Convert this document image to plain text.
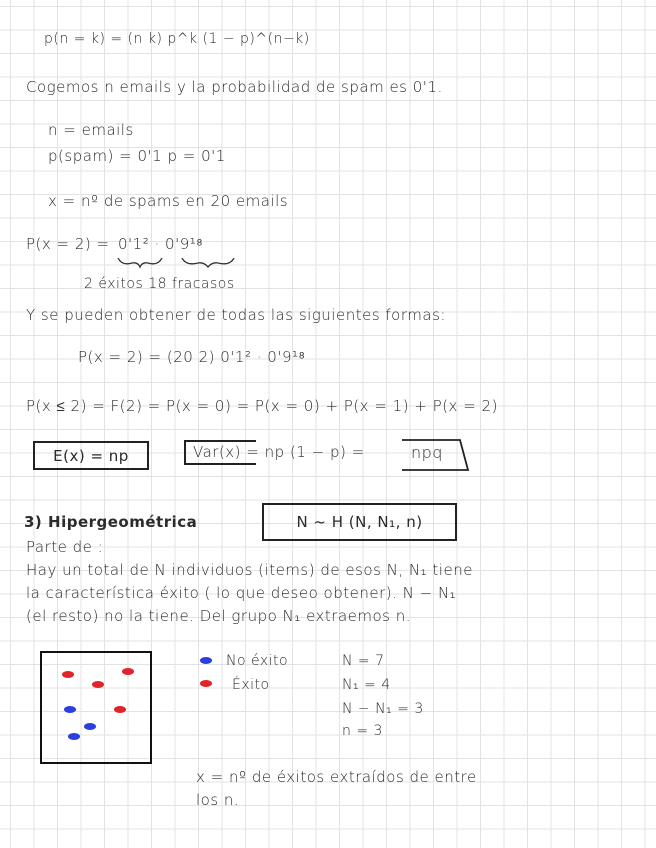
p(n = k) = (n k) p^k (1 − p)^(n−k)
Cogemos n emails y la probabilidad de spam es 0'1.
n = emails
p(spam) = 0'1 p = 0'1
x = nº de spams en 20 emails
P(x = 2) = 0'1² · 0'9¹⁸
2 éxitos 18 fracasos
Y se pueden obtener de todas las siguientes formas:
P(x = 2) = (20 2) 0'1² · 0'9¹⁸
P(x ≤ 2) = F(2) = P(x = 0) = P(x = 0) + P(x = 1) + P(x = 2)
E(x) = np	Var(x) = np (1 − p) =	npq
3) Hipergeométrica	N ~ H (N, N₁, n)
Parte de :
Hay un total de N individuos (items) de esos N, N₁ tiene
la característica éxito ( lo que deseo obtener). N − N₁
(el resto) no la tiene. Del grupo N₁ extraemos n.
No éxito
Éxito
N = 7
N₁ = 4
N − N₁ = 3
n = 3
x = nº de éxitos extraídos de entre
los n.
